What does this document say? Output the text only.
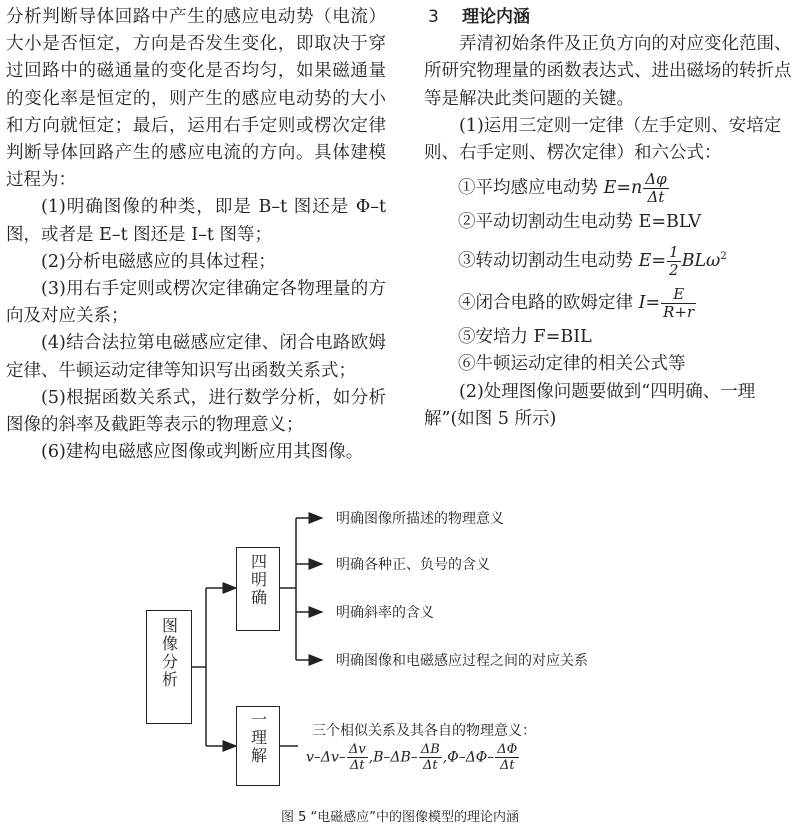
分析判断导体回路中产生的感应电动势（电流）大小是否恒定，方向是否发生变化，即取决于穿过回路中的磁通量的变化是否均匀，如果磁通量的变化率是恒定的，则产生的感应电动势的大小和方向就恒定；最后，运用右手定则或楞次定律判断导体回路产生的感应电流的方向。具体建模过程为：

(1)明确图像的种类，即是 B–t 图还是 Φ–t 图，或者是 E–t 图还是 I–t 图等；

(2)分析电磁感应的具体过程；

(3)用右手定则或楞次定律确定各物理量的方向及对应关系；

(4)结合法拉第电磁感应定律、闭合电路欧姆定律、牛顿运动定律等知识写出函数关系式；

(5)根据函数关系式，进行数学分析，如分析图像的斜率及截距等表示的物理意义；

(6)建构电磁感应图像或判断应用其图像。

3 理论内涵

弄清初始条件及正负方向的对应变化范围、所研究物理量的函数表达式、进出磁场的转折点等是解决此类问题的关键。

(1)运用三定则一定律（左手定则、安培定则、右手定则、楞次定律）和六公式：

①平均感应电动势 $E=n \frac{\Delta\varphi}{\Delta t}$

②平动切割动生电动势 E=BLV

③转动切割动生电动势 $E= \frac{1}{2} BL\omega^2$

④闭合电路的欧姆定律 $I= \frac{E}{R+r}$

⑤安培力 F=BIL

⑥牛顿运动定律的相关公式等

(2)处理图像问题要做到“四明确、一理解”(如图 5 所示)

图像分析
四明确
一理解
明确图像所描述的物理意义
明确各种正、负号的含义
明确斜率的含义
明确图像和电磁感应过程之间的对应关系
三个相似关系及其各自的物理意义：
$v-\Delta v- \frac{\Delta v}{\Delta t} ,B-\Delta B- \frac{\Delta B}{\Delta t} ,\Phi-\Delta\Phi- \frac{\Delta\Phi}{\Delta t}$
图 5 “电磁感应”中的图像模型的理论内涵
